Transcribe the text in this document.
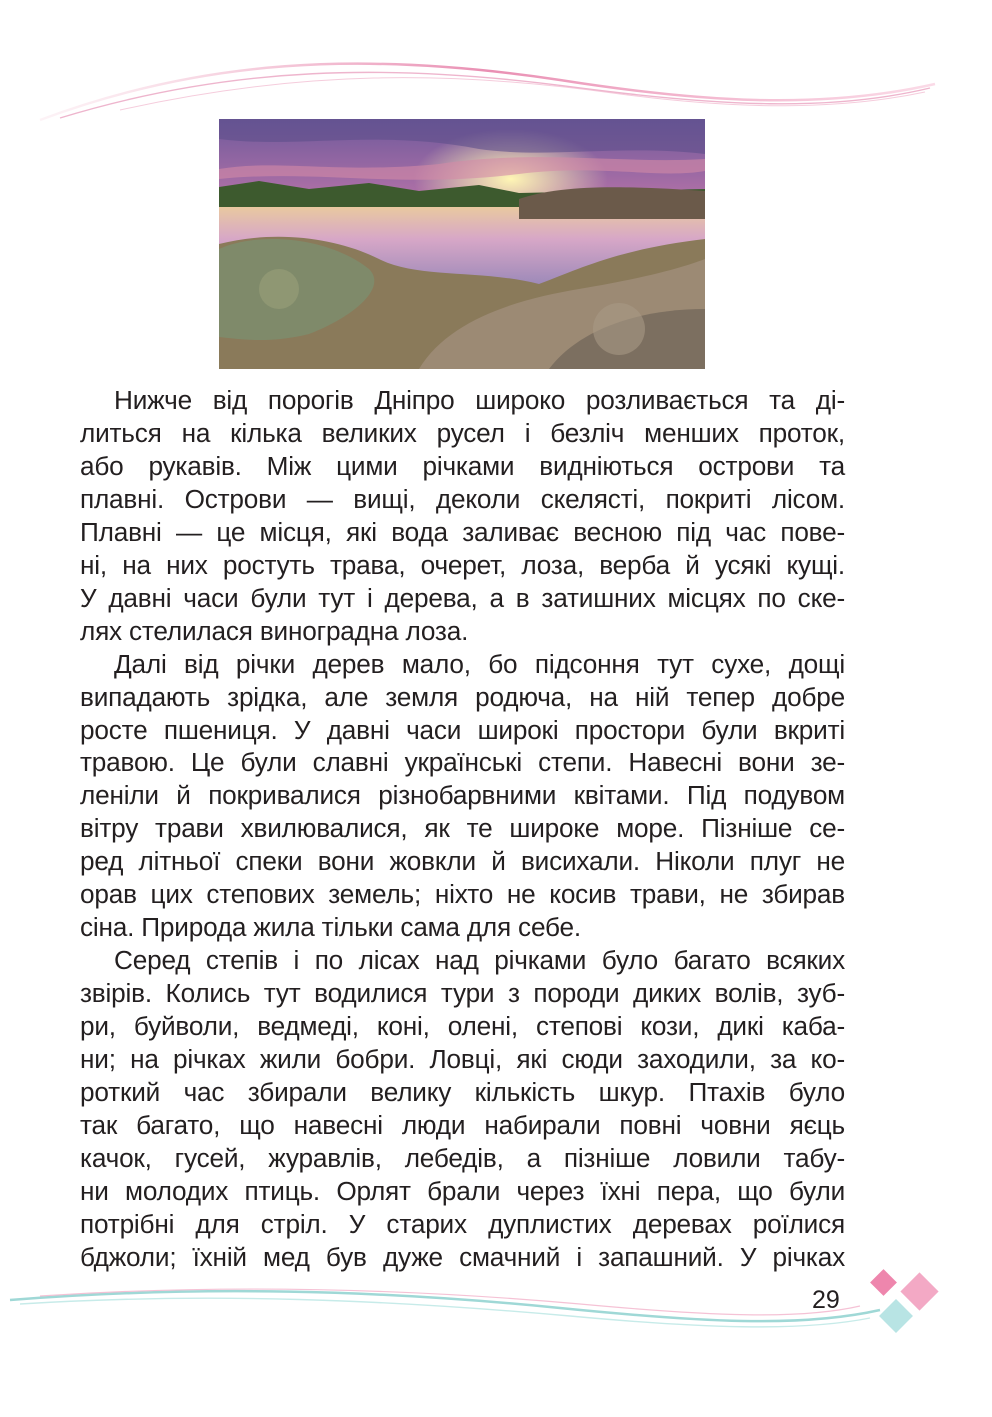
Нижче від порогів Дніпро широко розливається та ді-
литься на кілька великих русел і безліч менших проток,
або рукавів. Між цими річками видніються острови та
плавні. Острови — вищі, деколи скелясті, покриті лісом.
Плавні — це місця, які вода заливає весною під час пове-
ні, на них ростуть трава, очерет, лоза, верба й усякі кущі.
У давні часи були тут і дерева, а в затишних місцях по ске-
лях стелилася виноградна лоза.

Далі від річки дерев мало, бо підсоння тут сухе, дощі
випадають зрідка, але земля родюча, на ній тепер добре
росте пшениця. У давні часи широкі простори були вкриті
травою. Це були славні українські степи. Навесні вони зе-
леніли й покривалися різнобарвними квітами. Під подувом
вітру трави хвилювалися, як те широке море. Пізніше се-
ред літньої спеки вони жовкли й висихали. Ніколи плуг не
орав цих степових земель; ніхто не косив трави, не збирав
сіна. Природа жила тільки сама для себе.

Серед степів і по лісах над річками було багато всяких
звірів. Колись тут водилися тури з породи диких волів, зуб-
ри, буйволи, ведмеді, коні, олені, степові кози, дикі каба-
ни; на річках жили бобри. Ловці, які сюди заходили, за ко-
роткий час збирали велику кількість шкур. Птахів було
так багато, що навесні люди набирали повні човни яєць
качок, гусей, журавлів, лебедів, а пізніше ловили табу-
ни молодих птиць. Орлят брали через їхні пера, що були
потрібні для стріл. У старих дуплистих деревах роїлися
бджоли; їхній мед був дуже смачний і запашний. У річках

29
